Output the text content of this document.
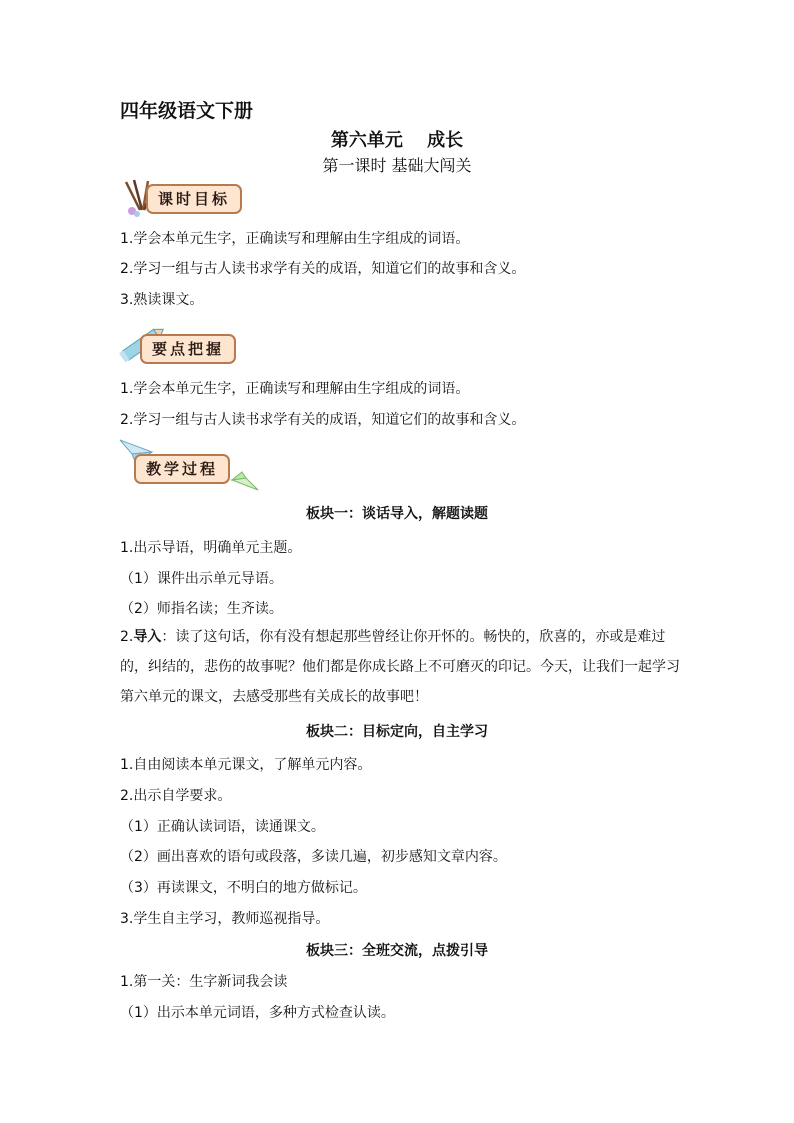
四年级语文下册
第六单元　 成长
第一课时 基础大闯关
课时目标
1.学会本单元生字，正确读写和理解由生字组成的词语。
2.学习一组与古人读书求学有关的成语，知道它们的故事和含义。
3.熟读课文。
要点把握
1.学会本单元生字，正确读写和理解由生字组成的词语。
2.学习一组与古人读书求学有关的成语，知道它们的故事和含义。
教学过程
板块一：谈话导入，解题读题
1.出示导语，明确单元主题。
（1）课件出示单元导语。
（2）师指名读；生齐读。
2.导入：读了这句话，你有没有想起那些曾经让你开怀的。畅快的，欣喜的，亦或是难过的，纠结的，悲伤的故事呢？他们都是你成长路上不可磨灭的印记。今天，让我们一起学习第六单元的课文，去感受那些有关成长的故事吧！
板块二：目标定向，自主学习
1.自由阅读本单元课文，了解单元内容。
2.出示自学要求。
（1）正确认读词语，读通课文。
（2）画出喜欢的语句或段落，多读几遍，初步感知文章内容。
（3）再读课文，不明白的地方做标记。
3.学生自主学习，教师巡视指导。
板块三：全班交流，点拨引导
1.第一关：生字新词我会读
（1）出示本单元词语，多种方式检查认读。
